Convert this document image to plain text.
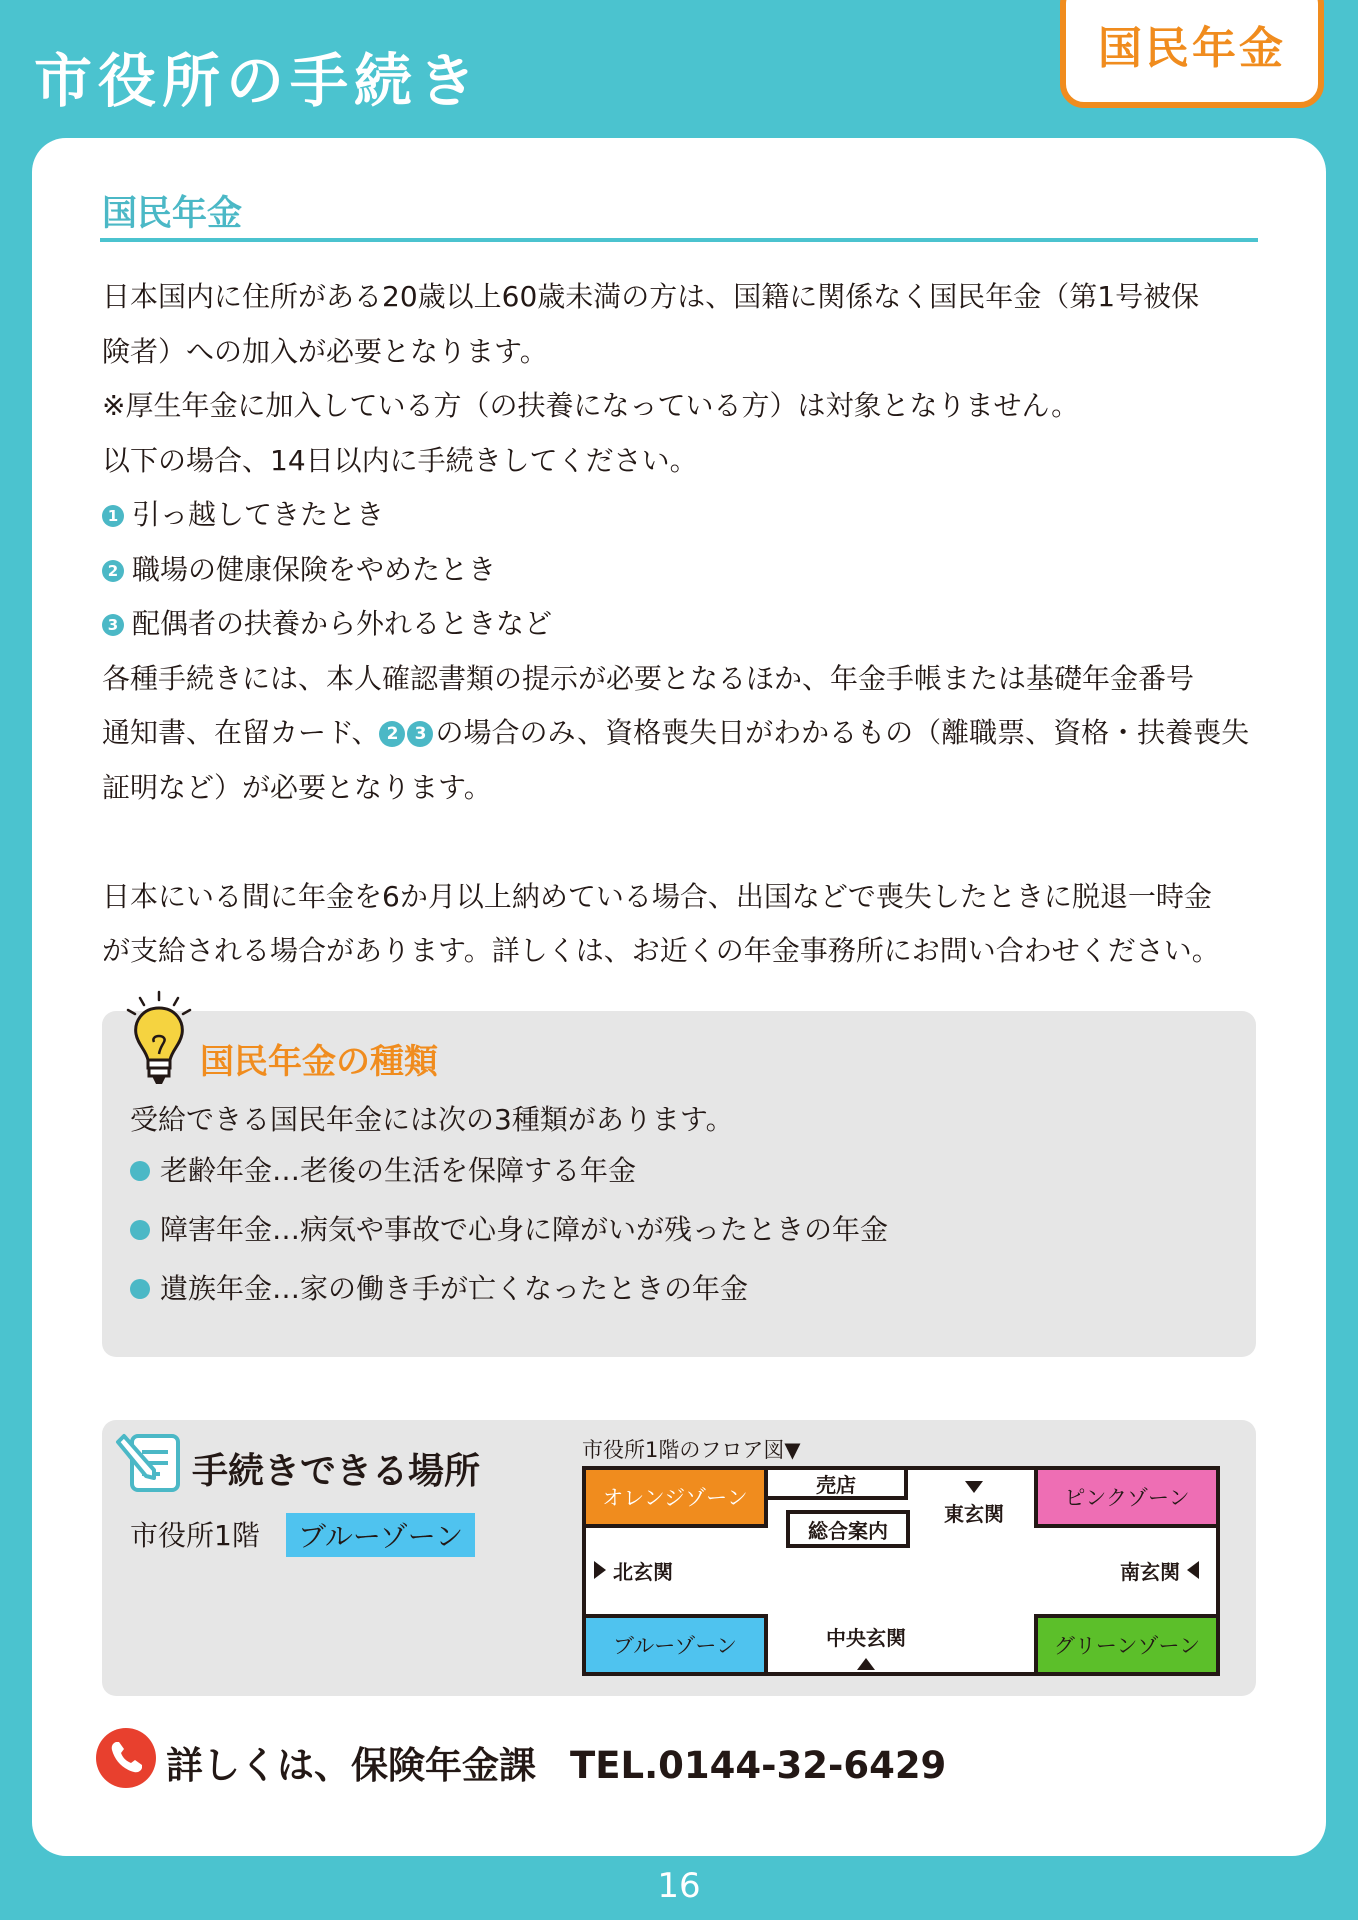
市役所の手続き	国民年金
国民年金

日本国内に住所がある20歳以上60歳未満の方は、国籍に関係なく国民年金（第1号被保

険者）への加入が必要となります。

※厚生年金に加入している方（の扶養になっている方）は対象となりません。

以下の場合、14日以内に手続きしてください。

1 引っ越してきたとき

2 職場の健康保険をやめたとき

3 配偶者の扶養から外れるときなど

各種手続きには、本人確認書類の提示が必要となるほか、年金手帳または基礎年金番号

通知書、在留カード、 2 3 の場合のみ、資格喪失日がわかるもの（離職票、資格・扶養喪失

証明など）が必要となります。

日本にいる間に年金を6か月以上納めている場合、出国などで喪失したときに脱退一時金

が支給される場合があります。詳しくは、お近くの年金事務所にお問い合わせください。

国民年金の種類
受給できる国民年金には次の3種類があります。
老齢年金…老後の生活を保障する年金
障害年金…病気や事故で心身に障がいが残ったときの年金
遺族年金…家の働き手が亡くなったときの年金
手続きできる場所
市役所1階	ブルーゾーン
市役所1階のフロア図▼
オレンジゾーン
売店
総合案内

東玄関
ピンクゾーン
北玄関	南玄関
ブルーゾーン	中央玄関	グリーンゾーン
詳しくは、保険年金課 TEL.0144-32-6429
16
